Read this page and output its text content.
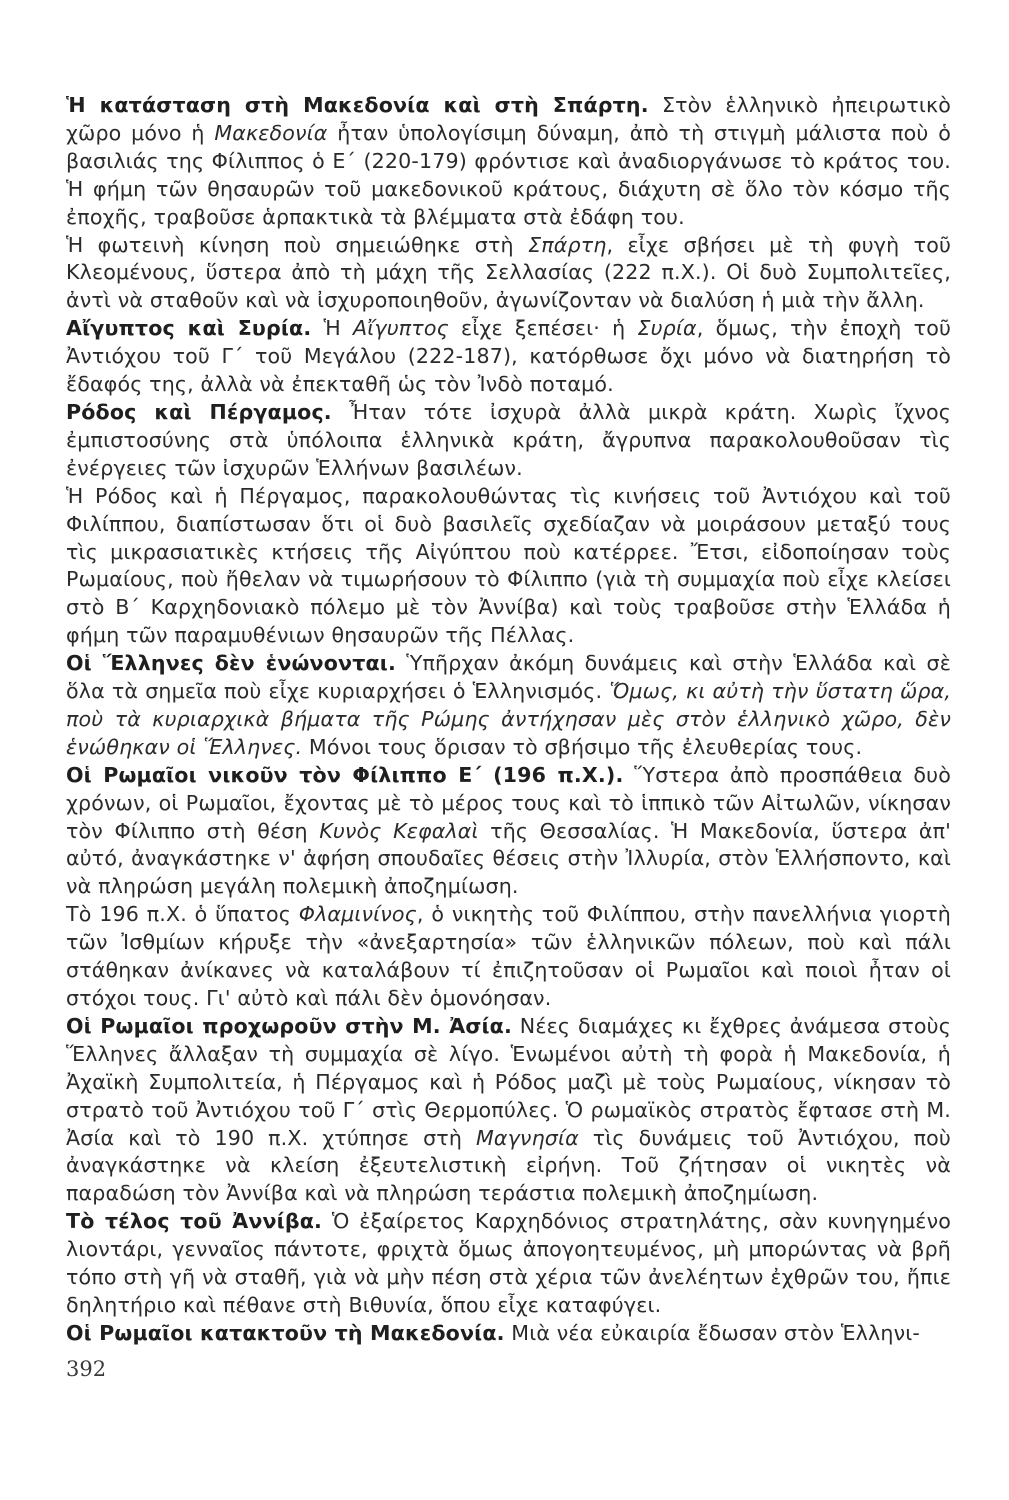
Ἡ κατάσταση στὴ Μακεδονία καὶ στὴ Σπάρτη. Στὸν ἑλληνικὸ ἠπειρωτικὸ χῶρο μόνο ἡ Μακεδονία ἦταν ὑπολογίσιμη δύναμη, ἀπὸ τὴ στιγμὴ μάλιστα ποὺ ὁ βασιλιάς της Φίλιππος ὁ Ε΄ (220-179) φρόντισε καὶ ἀναδιοργάνωσε τὸ κράτος του. Ἡ φήμη τῶν θησαυρῶν τοῦ μακεδονικοῦ κράτους, διάχυτη σὲ ὅλο τὸν κόσμο τῆς ἐποχῆς, τραβοῦσε ἁρπακτικὰ τὰ βλέμματα στὰ ἐδάφη του.

Ἡ φωτεινὴ κίνηση ποὺ σημειώθηκε στὴ Σπάρτη, εἶχε σβήσει μὲ τὴ φυγὴ τοῦ Κλεομένους, ὕστερα ἀπὸ τὴ μάχη τῆς Σελλασίας (222 π.Χ.). Οἱ δυὸ Συμπολιτεῖες, ἀντὶ νὰ σταθοῦν καὶ νὰ ἰσχυροποιηθοῦν, ἀγωνίζονταν νὰ διαλύση ἡ μιὰ τὴν ἄλλη.

Αἴγυπτος καὶ Συρία. Ἡ Αἴγυπτος εἶχε ξεπέσει· ἡ Συρία, ὅμως, τὴν ἐποχὴ τοῦ Ἀντιόχου τοῦ Γ΄ τοῦ Μεγάλου (222-187), κατόρθωσε ὄχι μόνο νὰ διατηρήση τὸ ἔδαφός της, ἀλλὰ νὰ ἐπεκταθῆ ὡς τὸν Ἰνδὸ ποταμό.

Ρόδος καὶ Πέργαμος. Ἦταν τότε ἰσχυρὰ ἀλλὰ μικρὰ κράτη. Χωρὶς ἴχνος ἐμπιστοσύνης στὰ ὑπόλοιπα ἑλληνικὰ κράτη, ἄγρυπνα παρακολουθοῦσαν τὶς ἐνέργειες τῶν ἰσχυρῶν Ἑλλήνων βασιλέων.

Ἡ Ρόδος καὶ ἡ Πέργαμος, παρακολουθώντας τὶς κινήσεις τοῦ Ἀντιόχου καὶ τοῦ Φιλίππου, διαπίστωσαν ὅτι οἱ δυὸ βασιλεῖς σχεδίαζαν νὰ μοιράσουν μεταξύ τους τὶς μικρασιατικὲς κτήσεις τῆς Αἰγύπτου ποὺ κατέρρεε. Ἔτσι, εἰδοποίησαν τοὺς Ρωμαίους, ποὺ ἤθελαν νὰ τιμωρήσουν τὸ Φίλιππο (γιὰ τὴ συμμαχία ποὺ εἶχε κλείσει στὸ Β΄ Καρχηδονιακὸ πόλεμο μὲ τὸν Ἀννίβα) καὶ τοὺς τραβοῦσε στὴν Ἑλλάδα ἡ φήμη τῶν παραμυθένιων θησαυρῶν τῆς Πέλλας.

Οἱ Ἕλληνες δὲν ἑνώνονται. Ὑπῆρχαν ἀκόμη δυνάμεις καὶ στὴν Ἑλλάδα καὶ σὲ ὅλα τὰ σημεῖα ποὺ εἶχε κυριαρχήσει ὁ Ἑλληνισμός. Ὅμως, κι αὐτὴ τὴν ὕστατη ὥρα, ποὺ τὰ κυριαρχικὰ βήματα τῆς Ρώμης ἀντήχησαν μὲς στὸν ἑλληνικὸ χῶρο, δὲν ἑνώθηκαν οἱ Ἕλληνες. Μόνοι τους ὅρισαν τὸ σβήσιμο τῆς ἐλευθερίας τους.

Οἱ Ρωμαῖοι νικοῦν τὸν Φίλιππο Ε΄ (196 π.Χ.). Ὕστερα ἀπὸ προσπάθεια δυὸ χρόνων, οἱ Ρωμαῖοι, ἔχοντας μὲ τὸ μέρος τους καὶ τὸ ἱππικὸ τῶν Αἰτωλῶν, νίκησαν τὸν Φίλιππο στὴ θέση Κυνὸς Κεφαλαὶ τῆς Θεσσαλίας. Ἡ Μακεδονία, ὕστερα ἀπ' αὐτό, ἀναγκάστηκε ν' ἀφήση σπουδαῖες θέσεις στὴν Ἰλλυρία, στὸν Ἑλλήσποντο, καὶ νὰ πληρώση μεγάλη πολεμικὴ ἀποζημίωση.

Τὸ 196 π.Χ. ὁ ὕπατος Φλαμινίνος, ὁ νικητὴς τοῦ Φιλίππου, στὴν πανελλήνια γιορτὴ τῶν Ἰσθμίων κήρυξε τὴν «ἀνεξαρτησία» τῶν ἑλληνικῶν πόλεων, ποὺ καὶ πάλι στάθηκαν ἀνίκανες νὰ καταλάβουν τί ἐπιζητοῦσαν οἱ Ρωμαῖοι καὶ ποιοὶ ἦταν οἱ στόχοι τους. Γι' αὐτὸ καὶ πάλι δὲν ὁμονόησαν.

Οἱ Ρωμαῖοι προχωροῦν στὴν Μ. Ἀσία. Νέες διαμάχες κι ἔχθρες ἀνάμεσα στοὺς Ἕλληνες ἄλλαξαν τὴ συμμαχία σὲ λίγο. Ἑνωμένοι αὐτὴ τὴ φορὰ ἡ Μακεδονία, ἡ Ἀχαϊκὴ Συμπολιτεία, ἡ Πέργαμος καὶ ἡ Ρόδος μαζὶ μὲ τοὺς Ρωμαίους, νίκησαν τὸ στρατὸ τοῦ Ἀντιόχου τοῦ Γ΄ στὶς Θερμοπύλες. Ὁ ρωμαϊκὸς στρατὸς ἔφτασε στὴ Μ. Ἀσία καὶ τὸ 190 π.Χ. χτύπησε στὴ Μαγνησία τὶς δυνάμεις τοῦ Ἀντιόχου, ποὺ ἀναγκάστηκε νὰ κλείση ἐξευτελιστικὴ εἰρήνη. Τοῦ ζήτησαν οἱ νικητὲς νὰ παραδώση τὸν Ἀννίβα καὶ νὰ πληρώση τεράστια πολεμικὴ ἀποζημίωση.

Τὸ τέλος τοῦ Ἀννίβα. Ὁ ἐξαίρετος Καρχηδόνιος στρατηλάτης, σὰν κυνηγημένο λιοντάρι, γενναῖος πάντοτε, φριχτὰ ὅμως ἀπογοητευμένος, μὴ μπορώντας νὰ βρῆ τόπο στὴ γῆ νὰ σταθῆ, γιὰ νὰ μὴν πέση στὰ χέρια τῶν ἀνελέητων ἐχθρῶν του, ἤπιε δηλητήριο καὶ πέθανε στὴ Βιθυνία, ὅπου εἶχε καταφύγει.

Οἱ Ρωμαῖοι κατακτοῦν τὴ Μακεδονία. Μιὰ νέα εὐκαιρία ἔδωσαν στὸν Ἑλληνι-

392
